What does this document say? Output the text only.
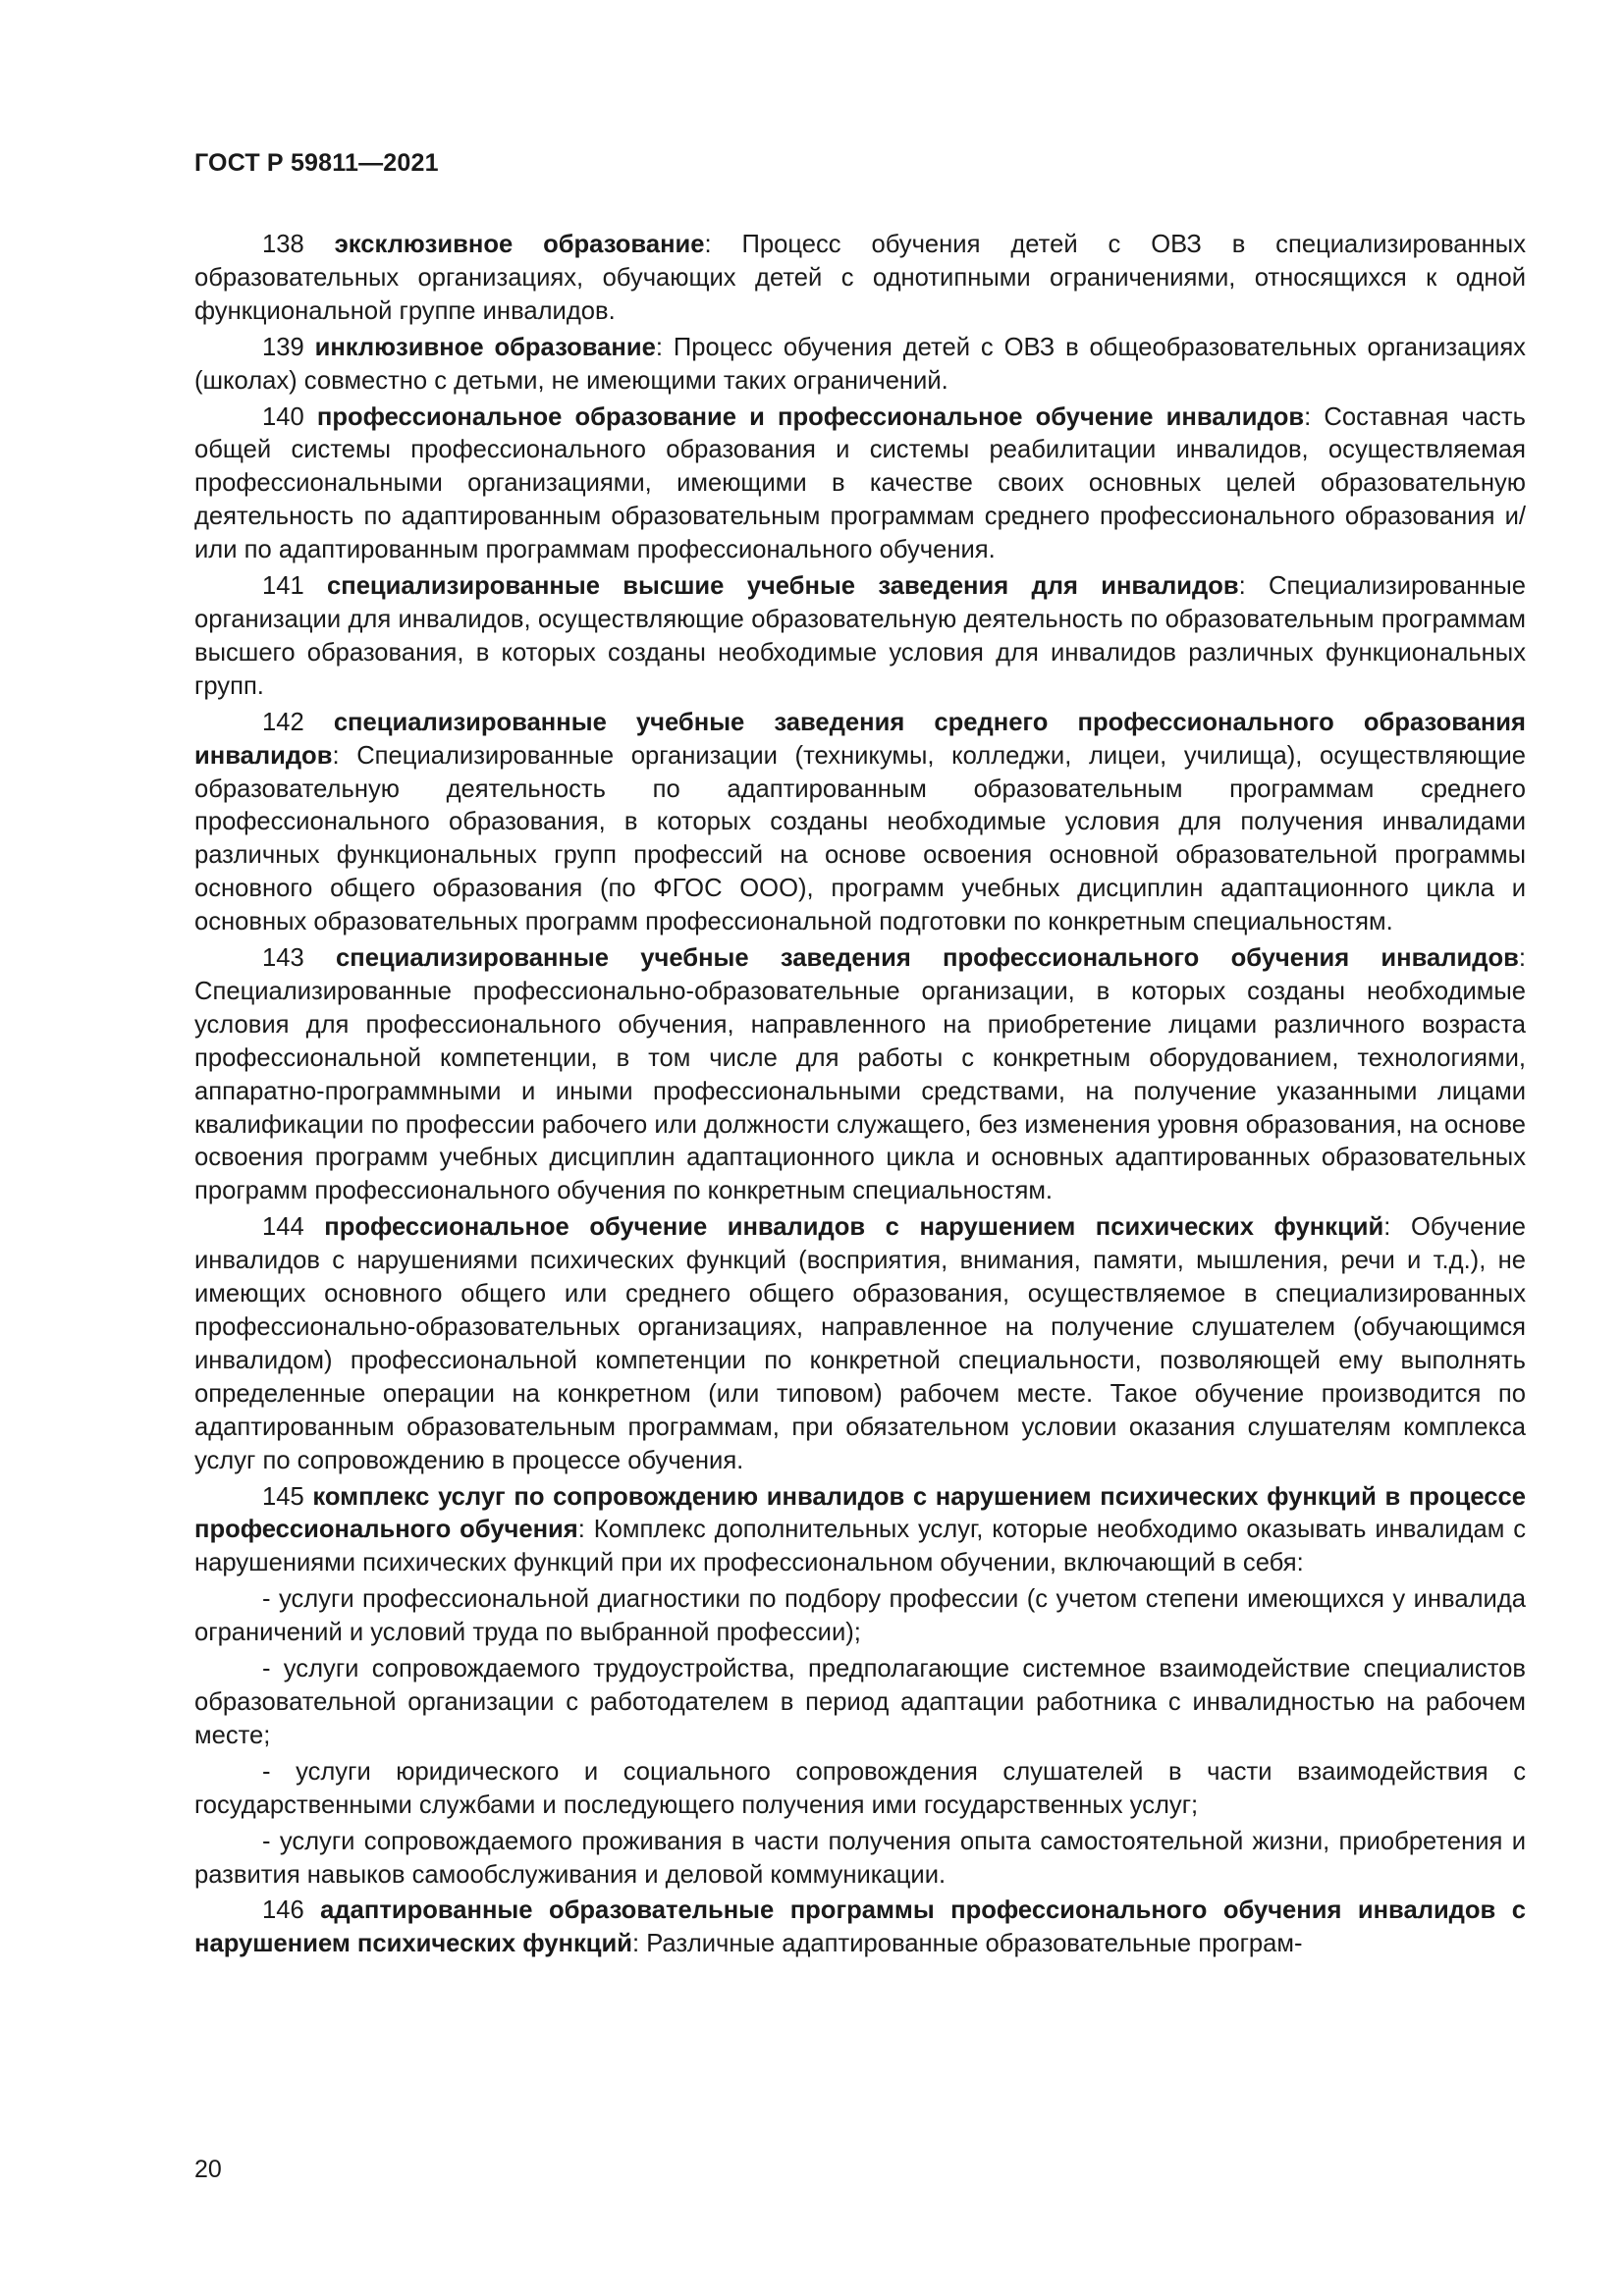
ГОСТ Р 59811—2021

138 эксклюзивное образование: Процесс обучения детей с ОВЗ в специализированных образовательных организациях, обучающих детей с однотипными ограничениями, относящихся к одной функциональной группе инвалидов.

139 инклюзивное образование: Процесс обучения детей с ОВЗ в общеобразовательных организациях (школах) совместно с детьми, не имеющими таких ограничений.

140 профессиональное образование и профессиональное обучение инвалидов: Составная часть общей системы профессионального образования и системы реабилитации инвалидов, осуществляемая профессиональными организациями, имеющими в качестве своих основных целей образовательную деятельность по адаптированным образовательным программам среднего профессионального образования и/или по адаптированным программам профессионального обучения.

141 специализированные высшие учебные заведения для инвалидов: Специализированные организации для инвалидов, осуществляющие образовательную деятельность по образовательным программам высшего образования, в которых созданы необходимые условия для инвалидов различных функциональных групп.

142 специализированные учебные заведения среднего профессионального образования инвалидов: Специализированные организации (техникумы, колледжи, лицеи, училища), осуществляющие образовательную деятельность по адаптированным образовательным программам среднего профессионального образования, в которых созданы необходимые условия для получения инвалидами различных функциональных групп профессий на основе освоения основной образовательной программы основного общего образования (по ФГОС ООО), программ учебных дисциплин адаптационного цикла и основных образовательных программ профессиональной подготовки по конкретным специальностям.

143 специализированные учебные заведения профессионального обучения инвалидов: Специализированные профессионально-образовательные организации, в которых созданы необходимые условия для профессионального обучения, направленного на приобретение лицами различного возраста профессиональной компетенции, в том числе для работы с конкретным оборудованием, технологиями, аппаратно-программными и иными профессиональными средствами, на получение указанными лицами квалификации по профессии рабочего или должности служащего, без изменения уровня образования, на основе освоения программ учебных дисциплин адаптационного цикла и основных адаптированных образовательных программ профессионального обучения по конкретным специальностям.

144 профессиональное обучение инвалидов с нарушением психических функций: Обучение инвалидов с нарушениями психических функций (восприятия, внимания, памяти, мышления, речи и т.д.), не имеющих основного общего или среднего общего образования, осуществляемое в специализированных профессионально-образовательных организациях, направленное на получение слушателем (обучающимся инвалидом) профессиональной компетенции по конкретной специальности, позволяющей ему выполнять определенные операции на конкретном (или типовом) рабочем месте. Такое обучение производится по адаптированным образовательным программам, при обязательном условии оказания слушателям комплекса услуг по сопровождению в процессе обучения.

145 комплекс услуг по сопровождению инвалидов с нарушением психических функций в процессе профессионального обучения: Комплекс дополнительных услуг, которые необходимо оказывать инвалидам с нарушениями психических функций при их профессиональном обучении, включающий в себя:

- услуги профессиональной диагностики по подбору профессии (с учетом степени имеющихся у инвалида ограничений и условий труда по выбранной профессии);

- услуги сопровождаемого трудоустройства, предполагающие системное взаимодействие специалистов образовательной организации с работодателем в период адаптации работника с инвалидностью на рабочем месте;

- услуги юридического и социального сопровождения слушателей в части взаимодействия с государственными службами и последующего получения ими государственных услуг;

- услуги сопровождаемого проживания в части получения опыта самостоятельной жизни, приобретения и развития навыков самообслуживания и деловой коммуникации.

146 адаптированные образовательные программы профессионального обучения инвалидов с нарушением психических функций: Различные адаптированные образовательные програм-

20
